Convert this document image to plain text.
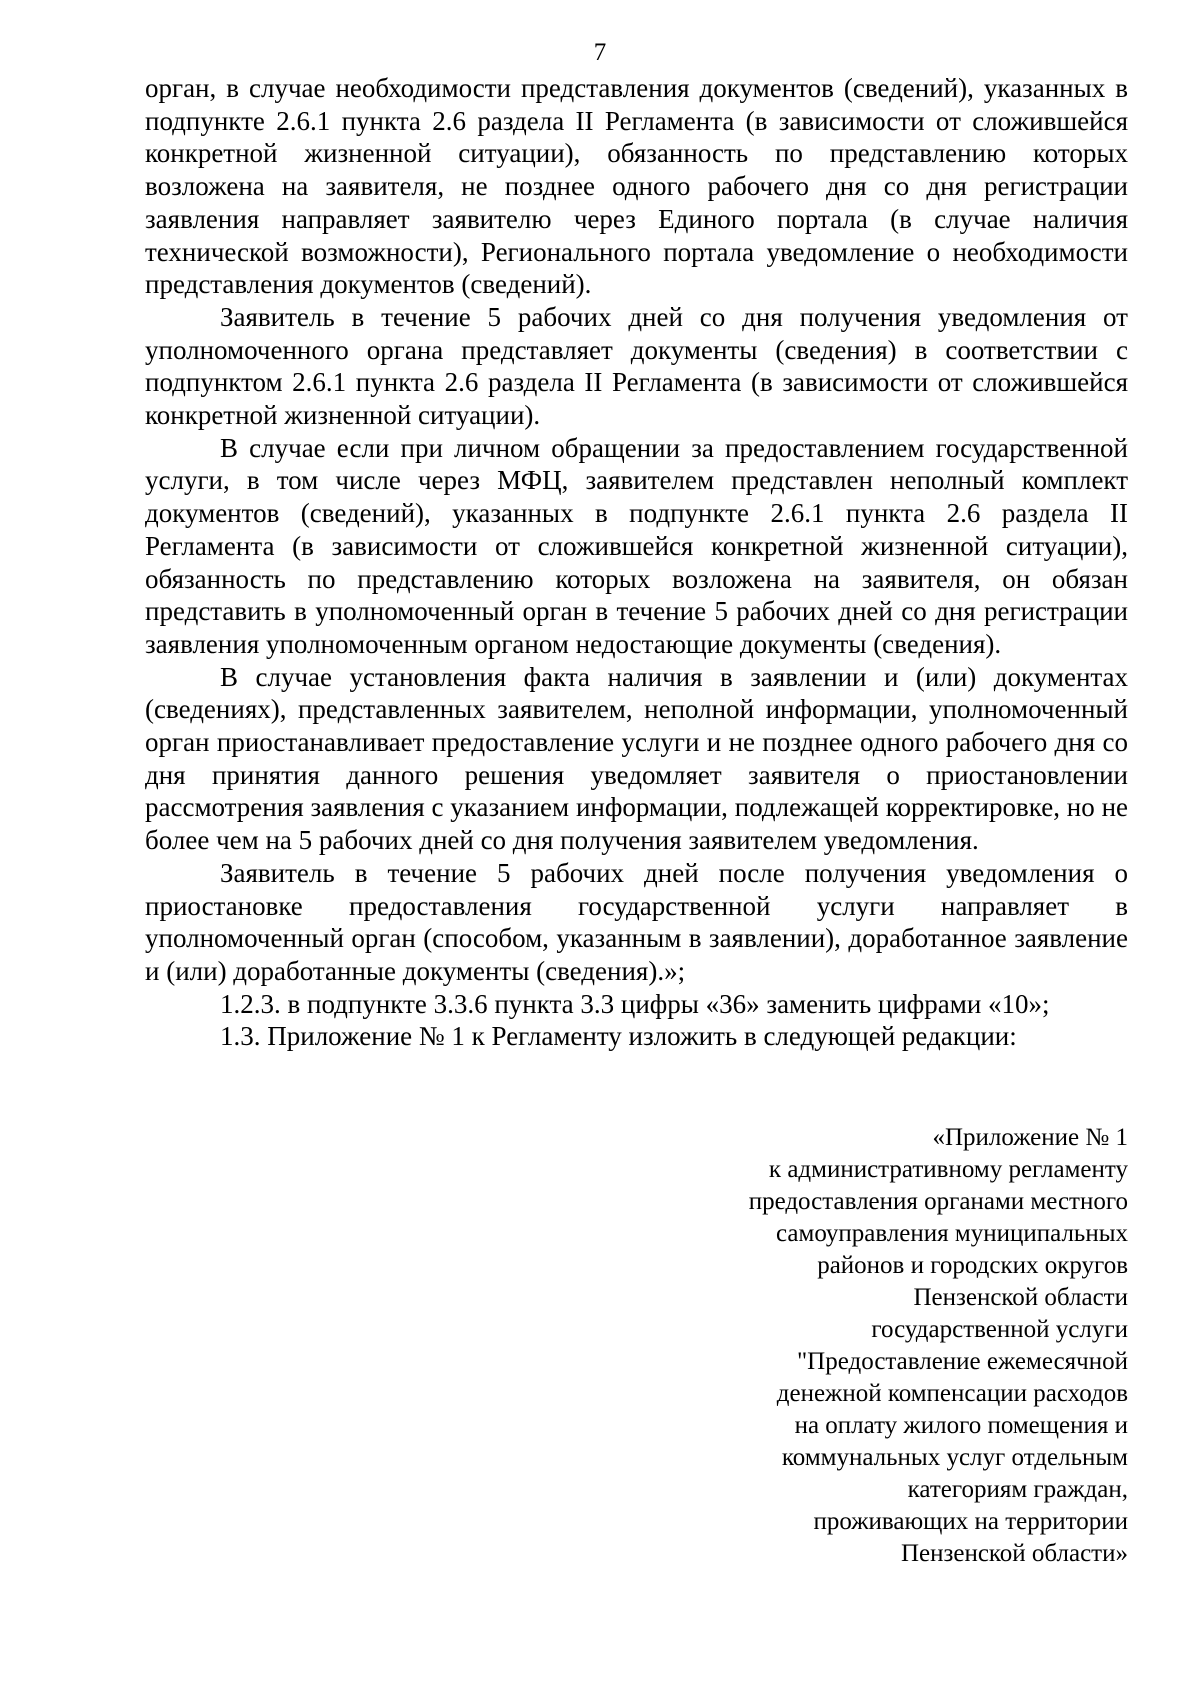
7

орган, в случае необходимости представления документов (сведений), указанных в подпункте 2.6.1 пункта 2.6 раздела II Регламента (в зависимости от сложившейся конкретной жизненной ситуации), обязанность по представлению которых возложена на заявителя, не позднее одного рабочего дня со дня регистрации заявления направляет заявителю через Единого портала (в случае наличия технической возможности), Регионального портала уведомление о необходимости представления документов (сведений).

Заявитель в течение 5 рабочих дней со дня получения уведомления от уполномоченного органа представляет документы (сведения) в соответствии с подпунктом 2.6.1 пункта 2.6 раздела II Регламента (в зависимости от сложившейся конкретной жизненной ситуации).

В случае если при личном обращении за предоставлением государственной услуги, в том числе через МФЦ, заявителем представлен неполный комплект документов (сведений), указанных в подпункте 2.6.1 пункта 2.6 раздела II Регламента (в зависимости от сложившейся конкретной жизненной ситуации), обязанность по представлению которых возложена на заявителя, он обязан представить в уполномоченный орган в течение 5 рабочих дней со дня регистрации заявления уполномоченным органом недостающие документы (сведения).

В случае установления факта наличия в заявлении и (или) документах (сведениях), представленных заявителем, неполной информации, уполномоченный орган приостанавливает предоставление услуги и не позднее одного рабочего дня со дня принятия данного решения уведомляет заявителя о приостановлении рассмотрения заявления с указанием информации, подлежащей корректировке, но не более чем на 5 рабочих дней со дня получения заявителем уведомления.

Заявитель в течение 5 рабочих дней после получения уведомления о приостановке предоставления государственной услуги направляет в уполномоченный орган (способом, указанным в заявлении), доработанное заявление и (или) доработанные документы (сведения).»;

1.2.3. в подпункте 3.3.6 пункта 3.3 цифры «36» заменить цифрами «10»;

1.3. Приложение № 1 к Регламенту изложить в следующей редакции:

«Приложение № 1
к административному регламенту
предоставления органами местного
самоуправления муниципальных
районов и городских округов
Пензенской области
государственной услуги
"Предоставление ежемесячной
денежной компенсации расходов
на оплату жилого помещения и
коммунальных услуг отдельным
категориям граждан,
проживающих на территории
Пензенской области»
